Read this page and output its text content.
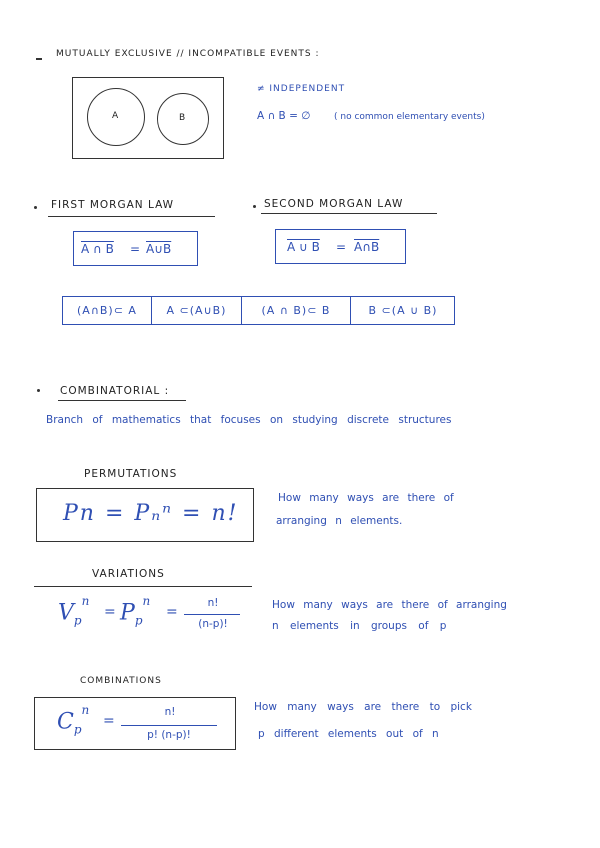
MUTUALLY EXCLUSIVE // INCOMPATIBLE EVENTS :
A	B
≠ INDEPENDENT
A ∩ B = ∅	( no common elementary events)
FIRST MORGAN LAW	SECOND MORGAN LAW
A ∩ B = A∪B	A ∪ B = A∩B
(A∩B)⊂ A	A ⊂(A∪B)	(A ∩ B)⊂ B	B ⊂(A ∪ B)
COMBINATORIAL :
Branch of mathematics that focuses on studying discrete structures
PERMUTATIONS
Pn = Pₙⁿ = n!
How many ways are there of
arranging n elements.
VARIATIONS
$V_p^n$
= $P_p^n$
=
n!
(n-p)!
How many ways are there of arranging
n elements in groups of p
COMBINATIONS
$C_p^n$
=
n!
p! (n-p)!
How many ways are there to pick
p different elements out of n
